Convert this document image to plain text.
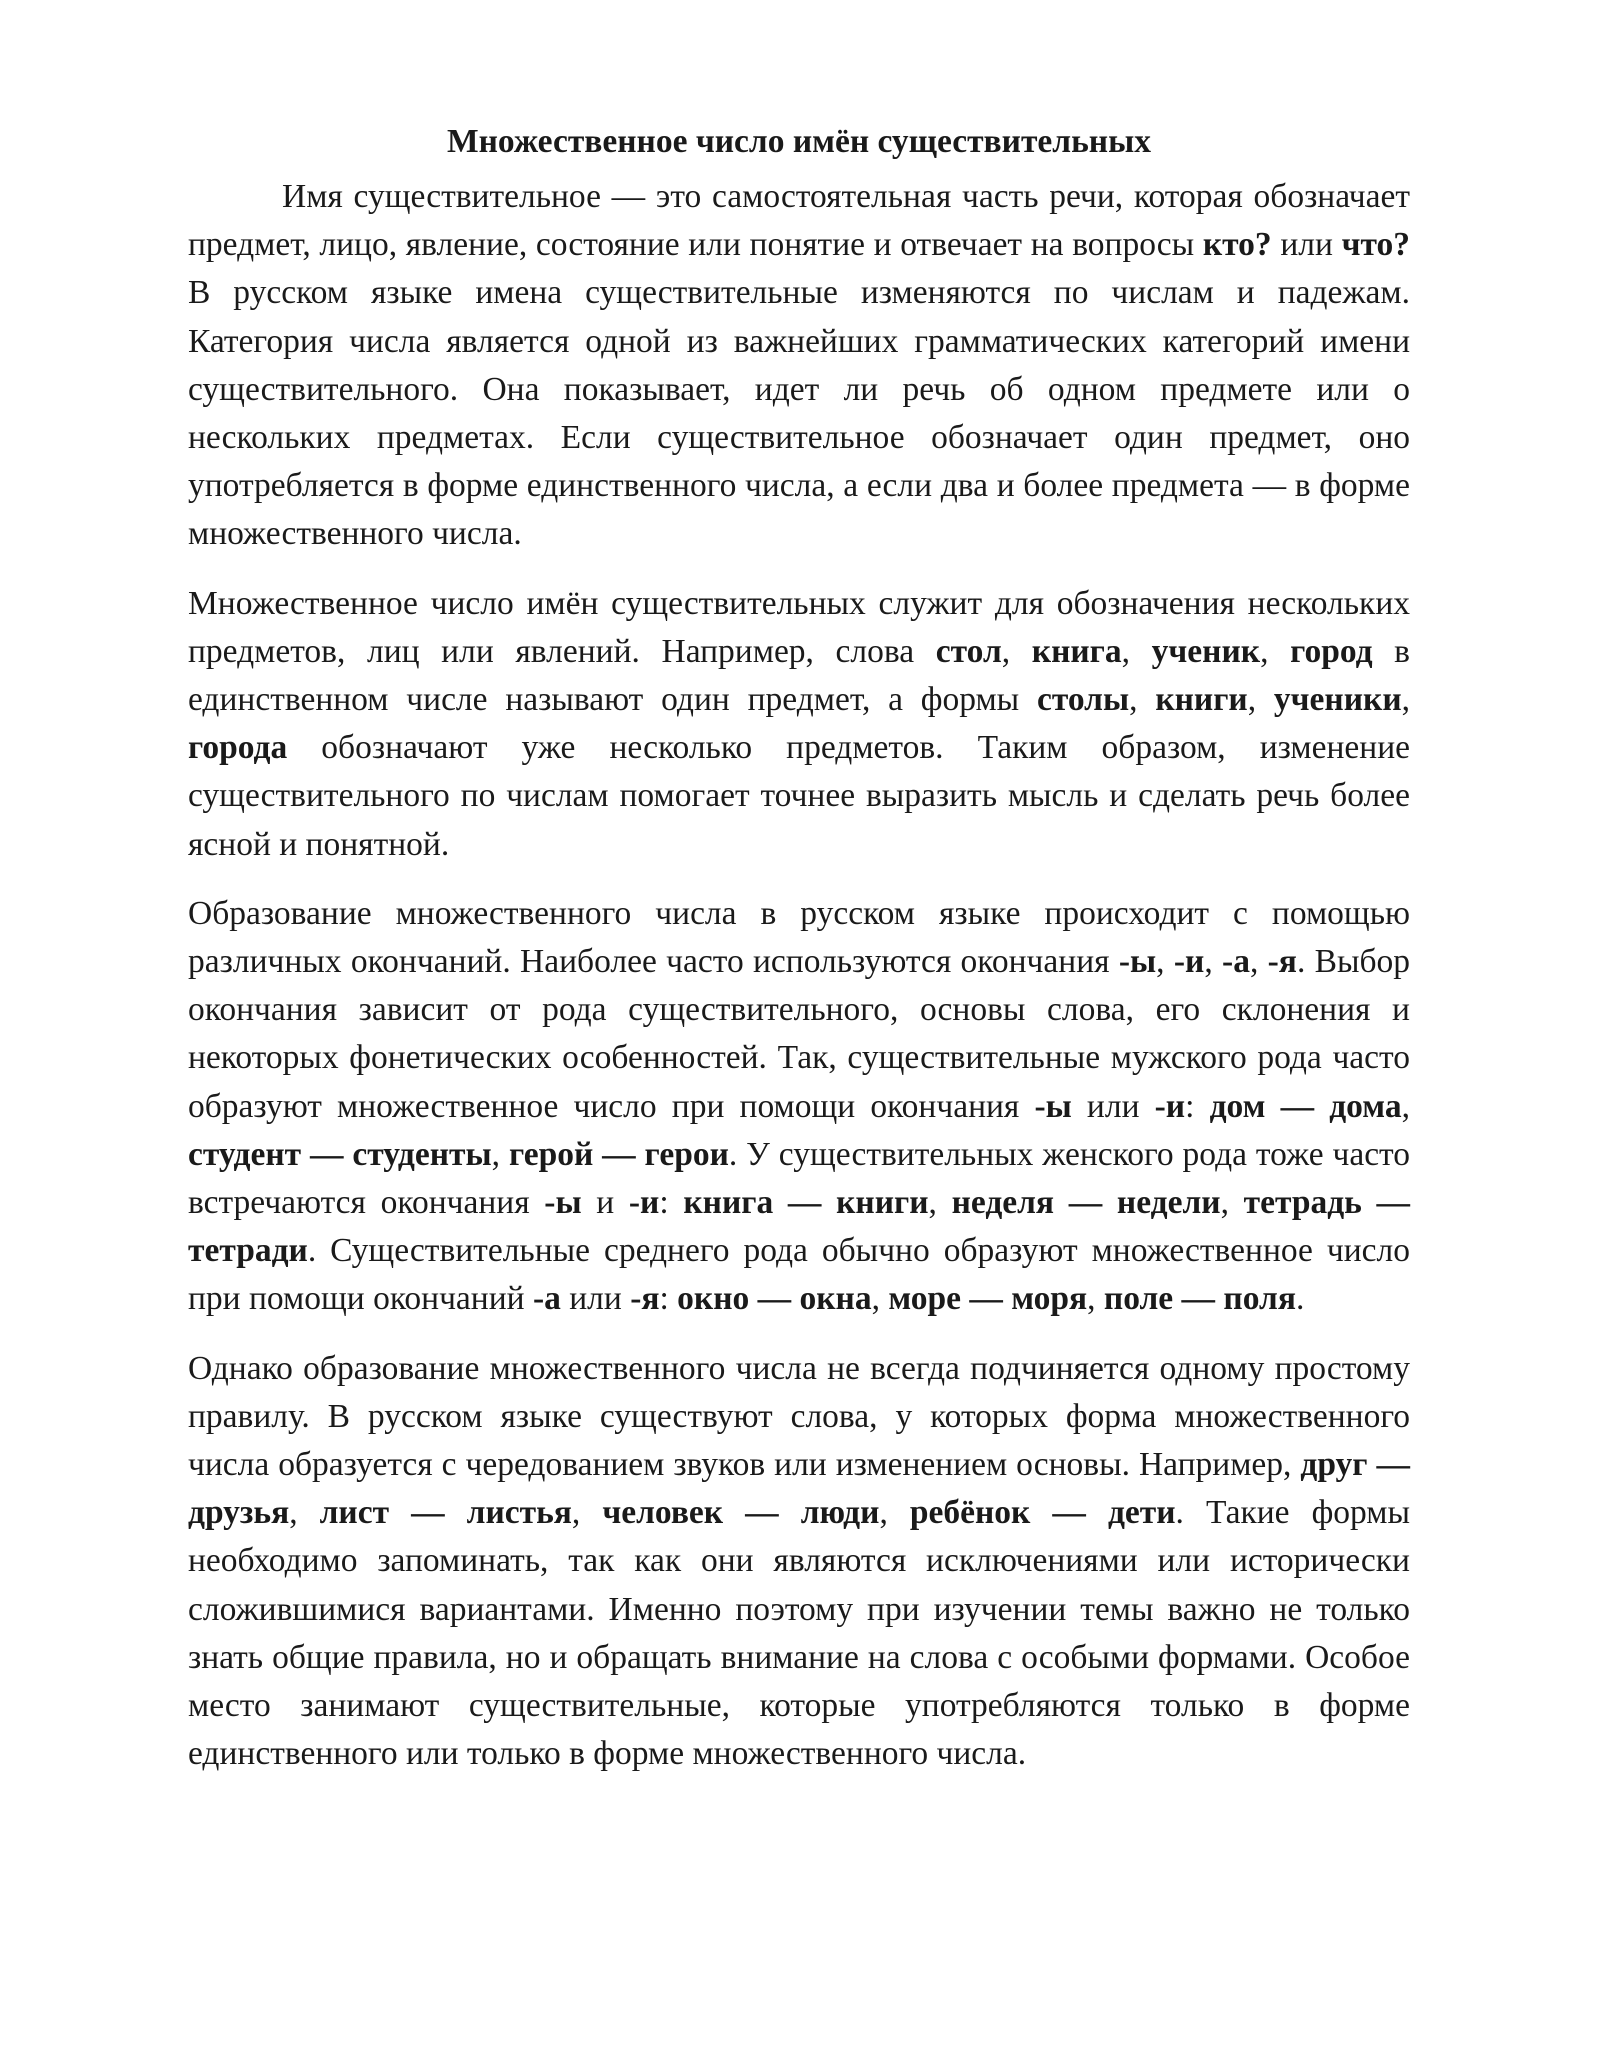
Множественное число имён существительных

Имя существительное — это самостоятельная часть речи, которая обозначает предмет, лицо, явление, состояние или понятие и отвечает на вопросы кто? или что? В русском языке имена существительные изменяются по числам и падежам. Категория числа является одной из важнейших грамматических категорий имени существительного. Она показывает, идет ли речь об одном предмете или о нескольких предметах. Если существительное обозначает один предмет, оно употребляется в форме единственного числа, а если два и более предмета — в форме множественного числа.

Множественное число имён существительных служит для обозначения нескольких предметов, лиц или явлений. Например, слова стол, книга, ученик, город в единственном числе называют один предмет, а формы столы, книги, ученики, города обозначают уже несколько предметов. Таким образом, изменение существительного по числам помогает точнее выразить мысль и сделать речь более ясной и понятной.

Образование множественного числа в русском языке происходит с помощью различных окончаний. Наиболее часто используются окончания -ы, -и, -а, -я. Выбор окончания зависит от рода существительного, основы слова, его склонения и некоторых фонетических особенностей. Так, существительные мужского рода часто образуют множественное число при помощи окончания -ы или -и: дом — дома, студент — студенты, герой — герои. У существительных женского рода тоже часто встречаются окончания -ы и -и: книга — книги, неделя — недели, тетрадь — тетради. Существительные среднего рода обычно образуют множественное число при помощи окончаний -а или -я: окно — окна, море — моря, поле — поля.

Однако образование множественного числа не всегда подчиняется одному простому правилу. В русском языке существуют слова, у которых форма множественного числа образуется с чередованием звуков или изменением основы. Например, друг — друзья, лист — листья, человек — люди, ребёнок — дети. Такие формы необходимо запоминать, так как они являются исключениями или исторически сложившимися вариантами. Именно поэтому при изучении темы важно не только знать общие правила, но и обращать внимание на слова с особыми формами. Особое место занимают существительные, которые употребляются только в форме единственного или только в форме множественного числа.
